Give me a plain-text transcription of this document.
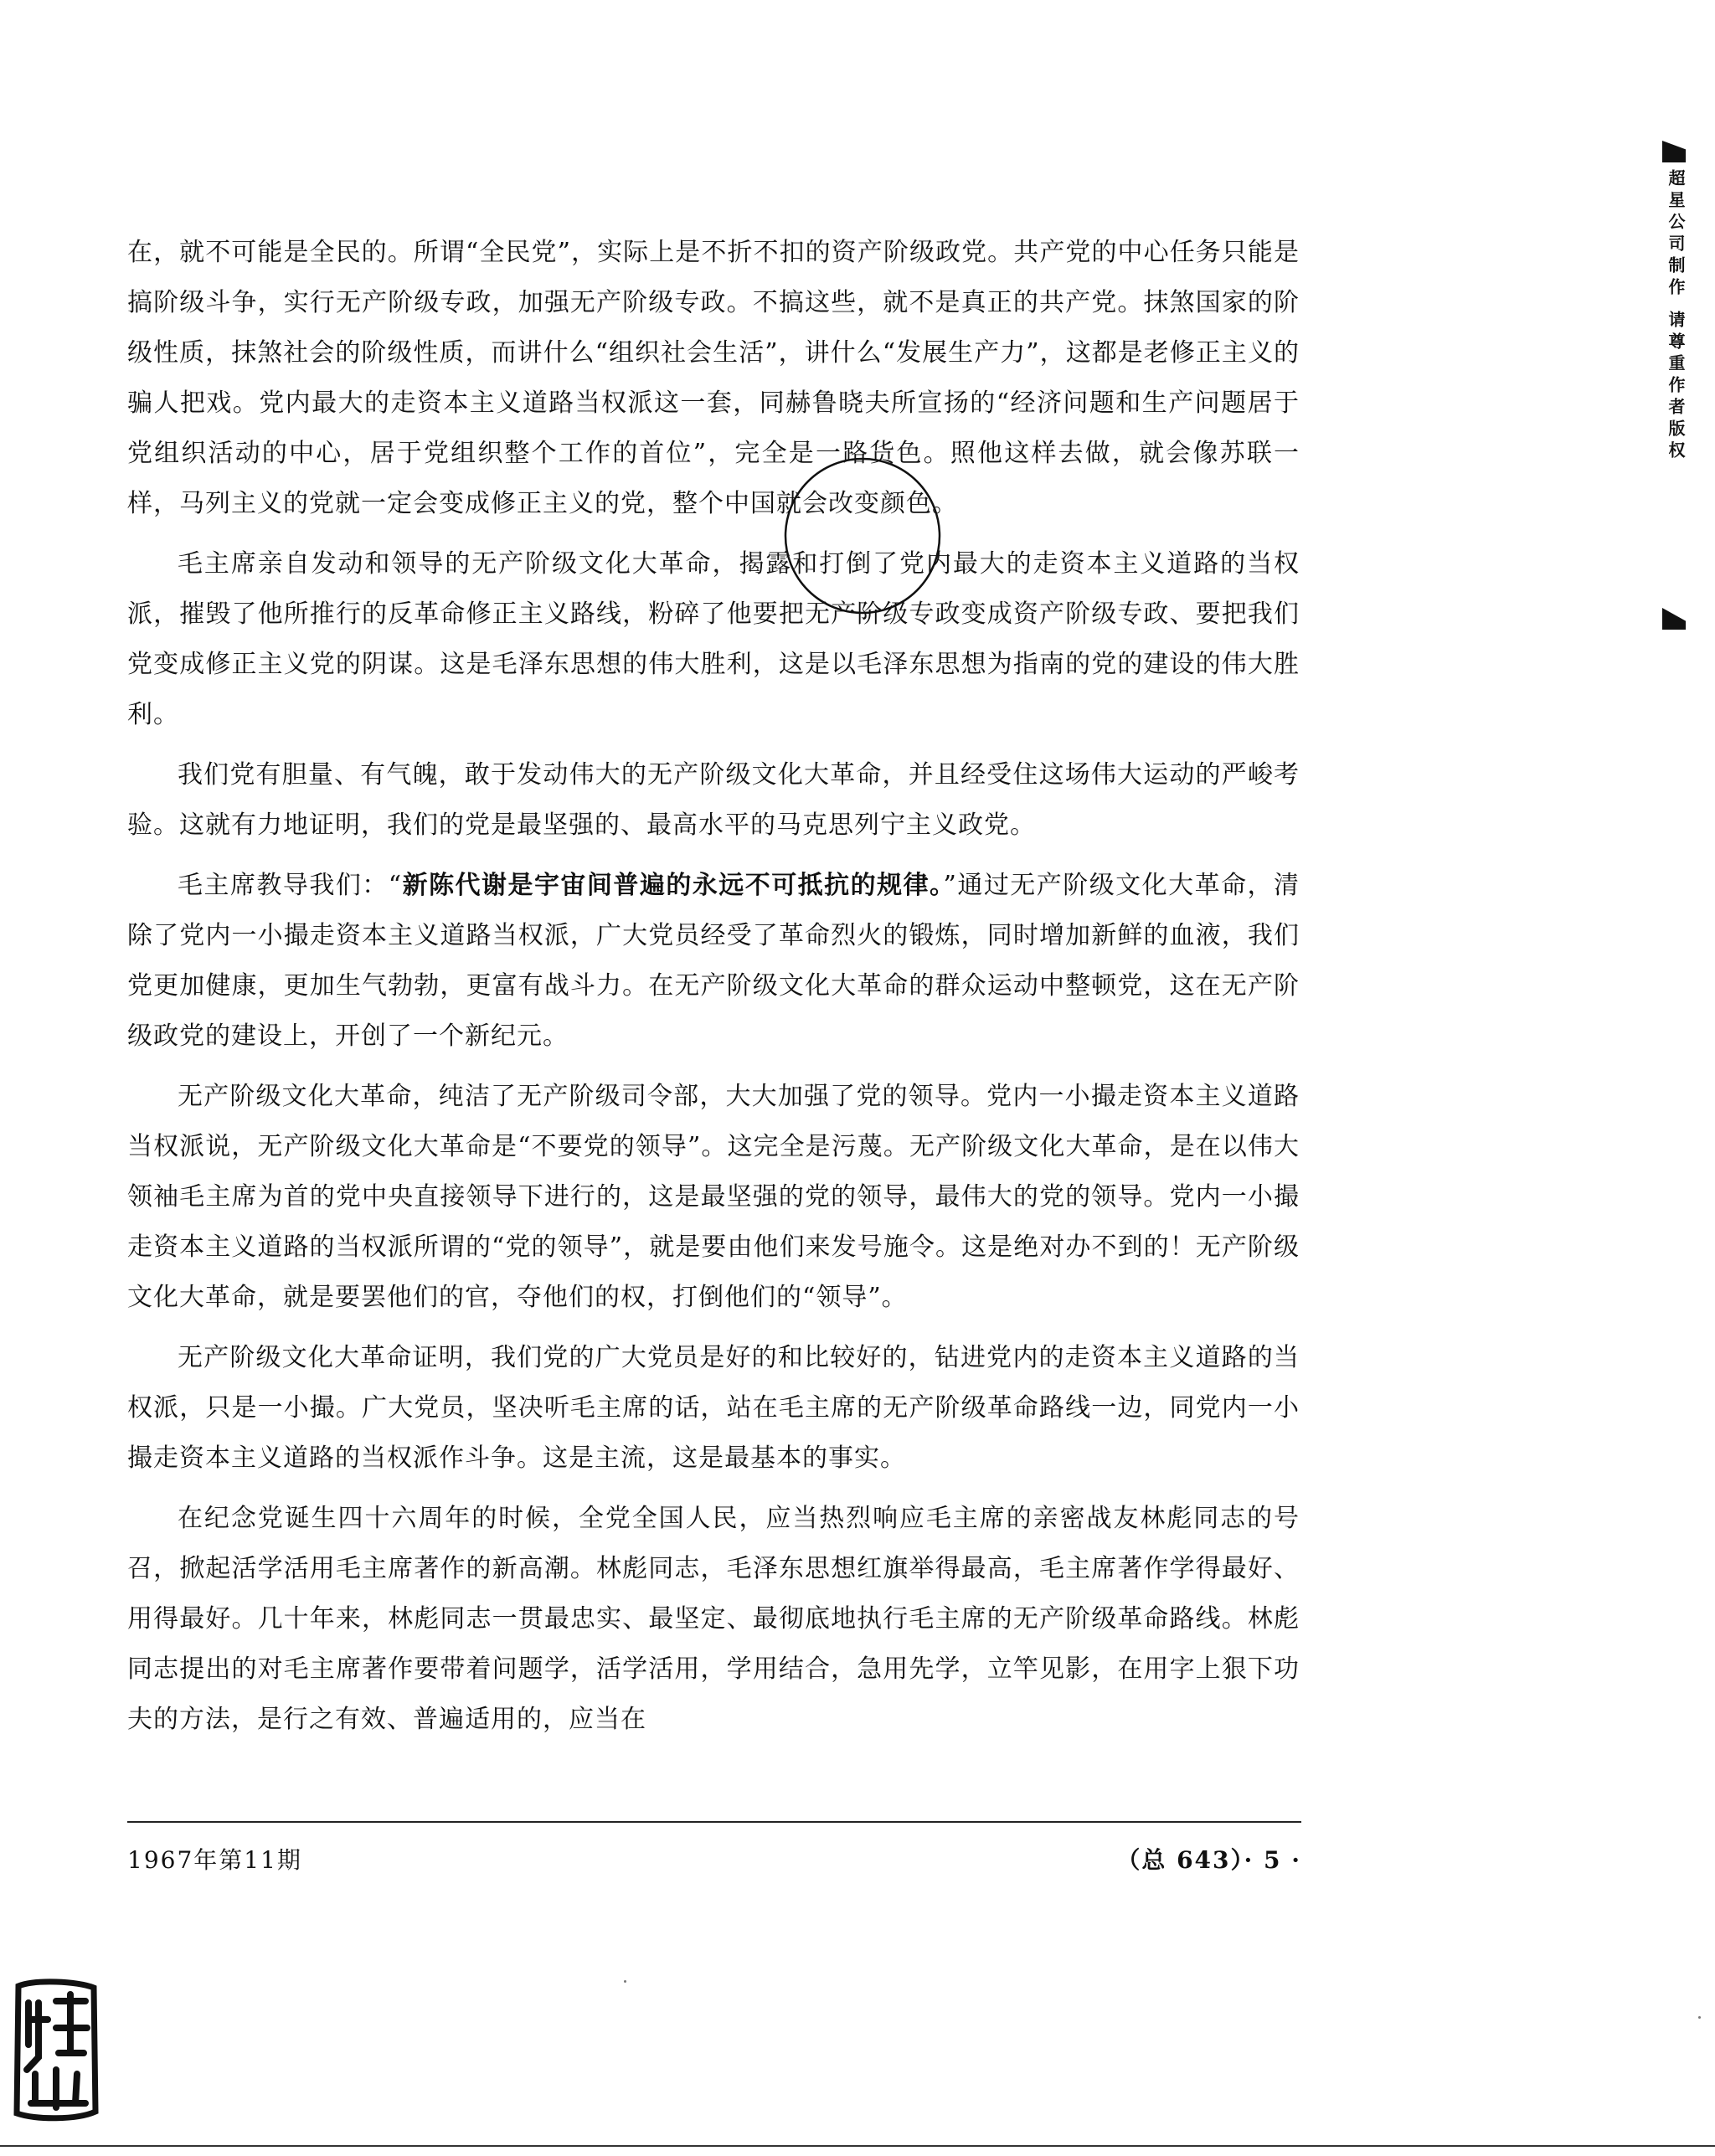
超星公司制作 请尊重作者版权

在，就不可能是全民的。所谓“全民党”，实际上是不折不扣的资产阶级政党。共产党的中心任务只能是搞阶级斗争，实行无产阶级专政，加强无产阶级专政。不搞这些，就不是真正的共产党。抹煞国家的阶级性质，抹煞社会的阶级性质，而讲什么“组织社会生活”，讲什么“发展生产力”，这都是老修正主义的骗人把戏。党内最大的走资本主义道路当权派这一套，同赫鲁晓夫所宣扬的“经济问题和生产问题居于党组织活动的中心，居于党组织整个工作的首位”，完全是一路货色。照他这样去做，就会像苏联一样，马列主义的党就一定会变成修正主义的党，整个中国就会改变颜色。

毛主席亲自发动和领导的无产阶级文化大革命，揭露和打倒了党内最大的走资本主义道路的当权派，摧毁了他所推行的反革命修正主义路线，粉碎了他要把无产阶级专政变成资产阶级专政、要把我们党变成修正主义党的阴谋。这是毛泽东思想的伟大胜利，这是以毛泽东思想为指南的党的建设的伟大胜利。

我们党有胆量、有气魄，敢于发动伟大的无产阶级文化大革命，并且经受住这场伟大运动的严峻考验。这就有力地证明，我们的党是最坚强的、最高水平的马克思列宁主义政党。

毛主席教导我们：“新陈代谢是宇宙间普遍的永远不可抵抗的规律。”通过无产阶级文化大革命，清除了党内一小撮走资本主义道路当权派，广大党员经受了革命烈火的锻炼，同时增加新鲜的血液，我们党更加健康，更加生气勃勃，更富有战斗力。在无产阶级文化大革命的群众运动中整顿党，这在无产阶级政党的建设上，开创了一个新纪元。

无产阶级文化大革命，纯洁了无产阶级司令部，大大加强了党的领导。党内一小撮走资本主义道路当权派说，无产阶级文化大革命是“不要党的领导”。这完全是污蔑。无产阶级文化大革命，是在以伟大领袖毛主席为首的党中央直接领导下进行的，这是最坚强的党的领导，最伟大的党的领导。党内一小撮走资本主义道路的当权派所谓的“党的领导”，就是要由他们来发号施令。这是绝对办不到的！无产阶级文化大革命，就是要罢他们的官，夺他们的权，打倒他们的“领导”。

无产阶级文化大革命证明，我们党的广大党员是好的和比较好的，钻进党内的走资本主义道路的当权派，只是一小撮。广大党员，坚决听毛主席的话，站在毛主席的无产阶级革命路线一边，同党内一小撮走资本主义道路的当权派作斗争。这是主流，这是最基本的事实。

在纪念党诞生四十六周年的时候，全党全国人民，应当热烈响应毛主席的亲密战友林彪同志的号召，掀起活学活用毛主席著作的新高潮。林彪同志，毛泽东思想红旗举得最高，毛主席著作学得最好、用得最好。几十年来，林彪同志一贯最忠实、最坚定、最彻底地执行毛主席的无产阶级革命路线。林彪同志提出的对毛主席著作要带着问题学，活学活用，学用结合，急用先学，立竿见影，在用字上狠下功夫的方法，是行之有效、普遍适用的，应当在

1967年第11期	（总 643）· 5 ·
